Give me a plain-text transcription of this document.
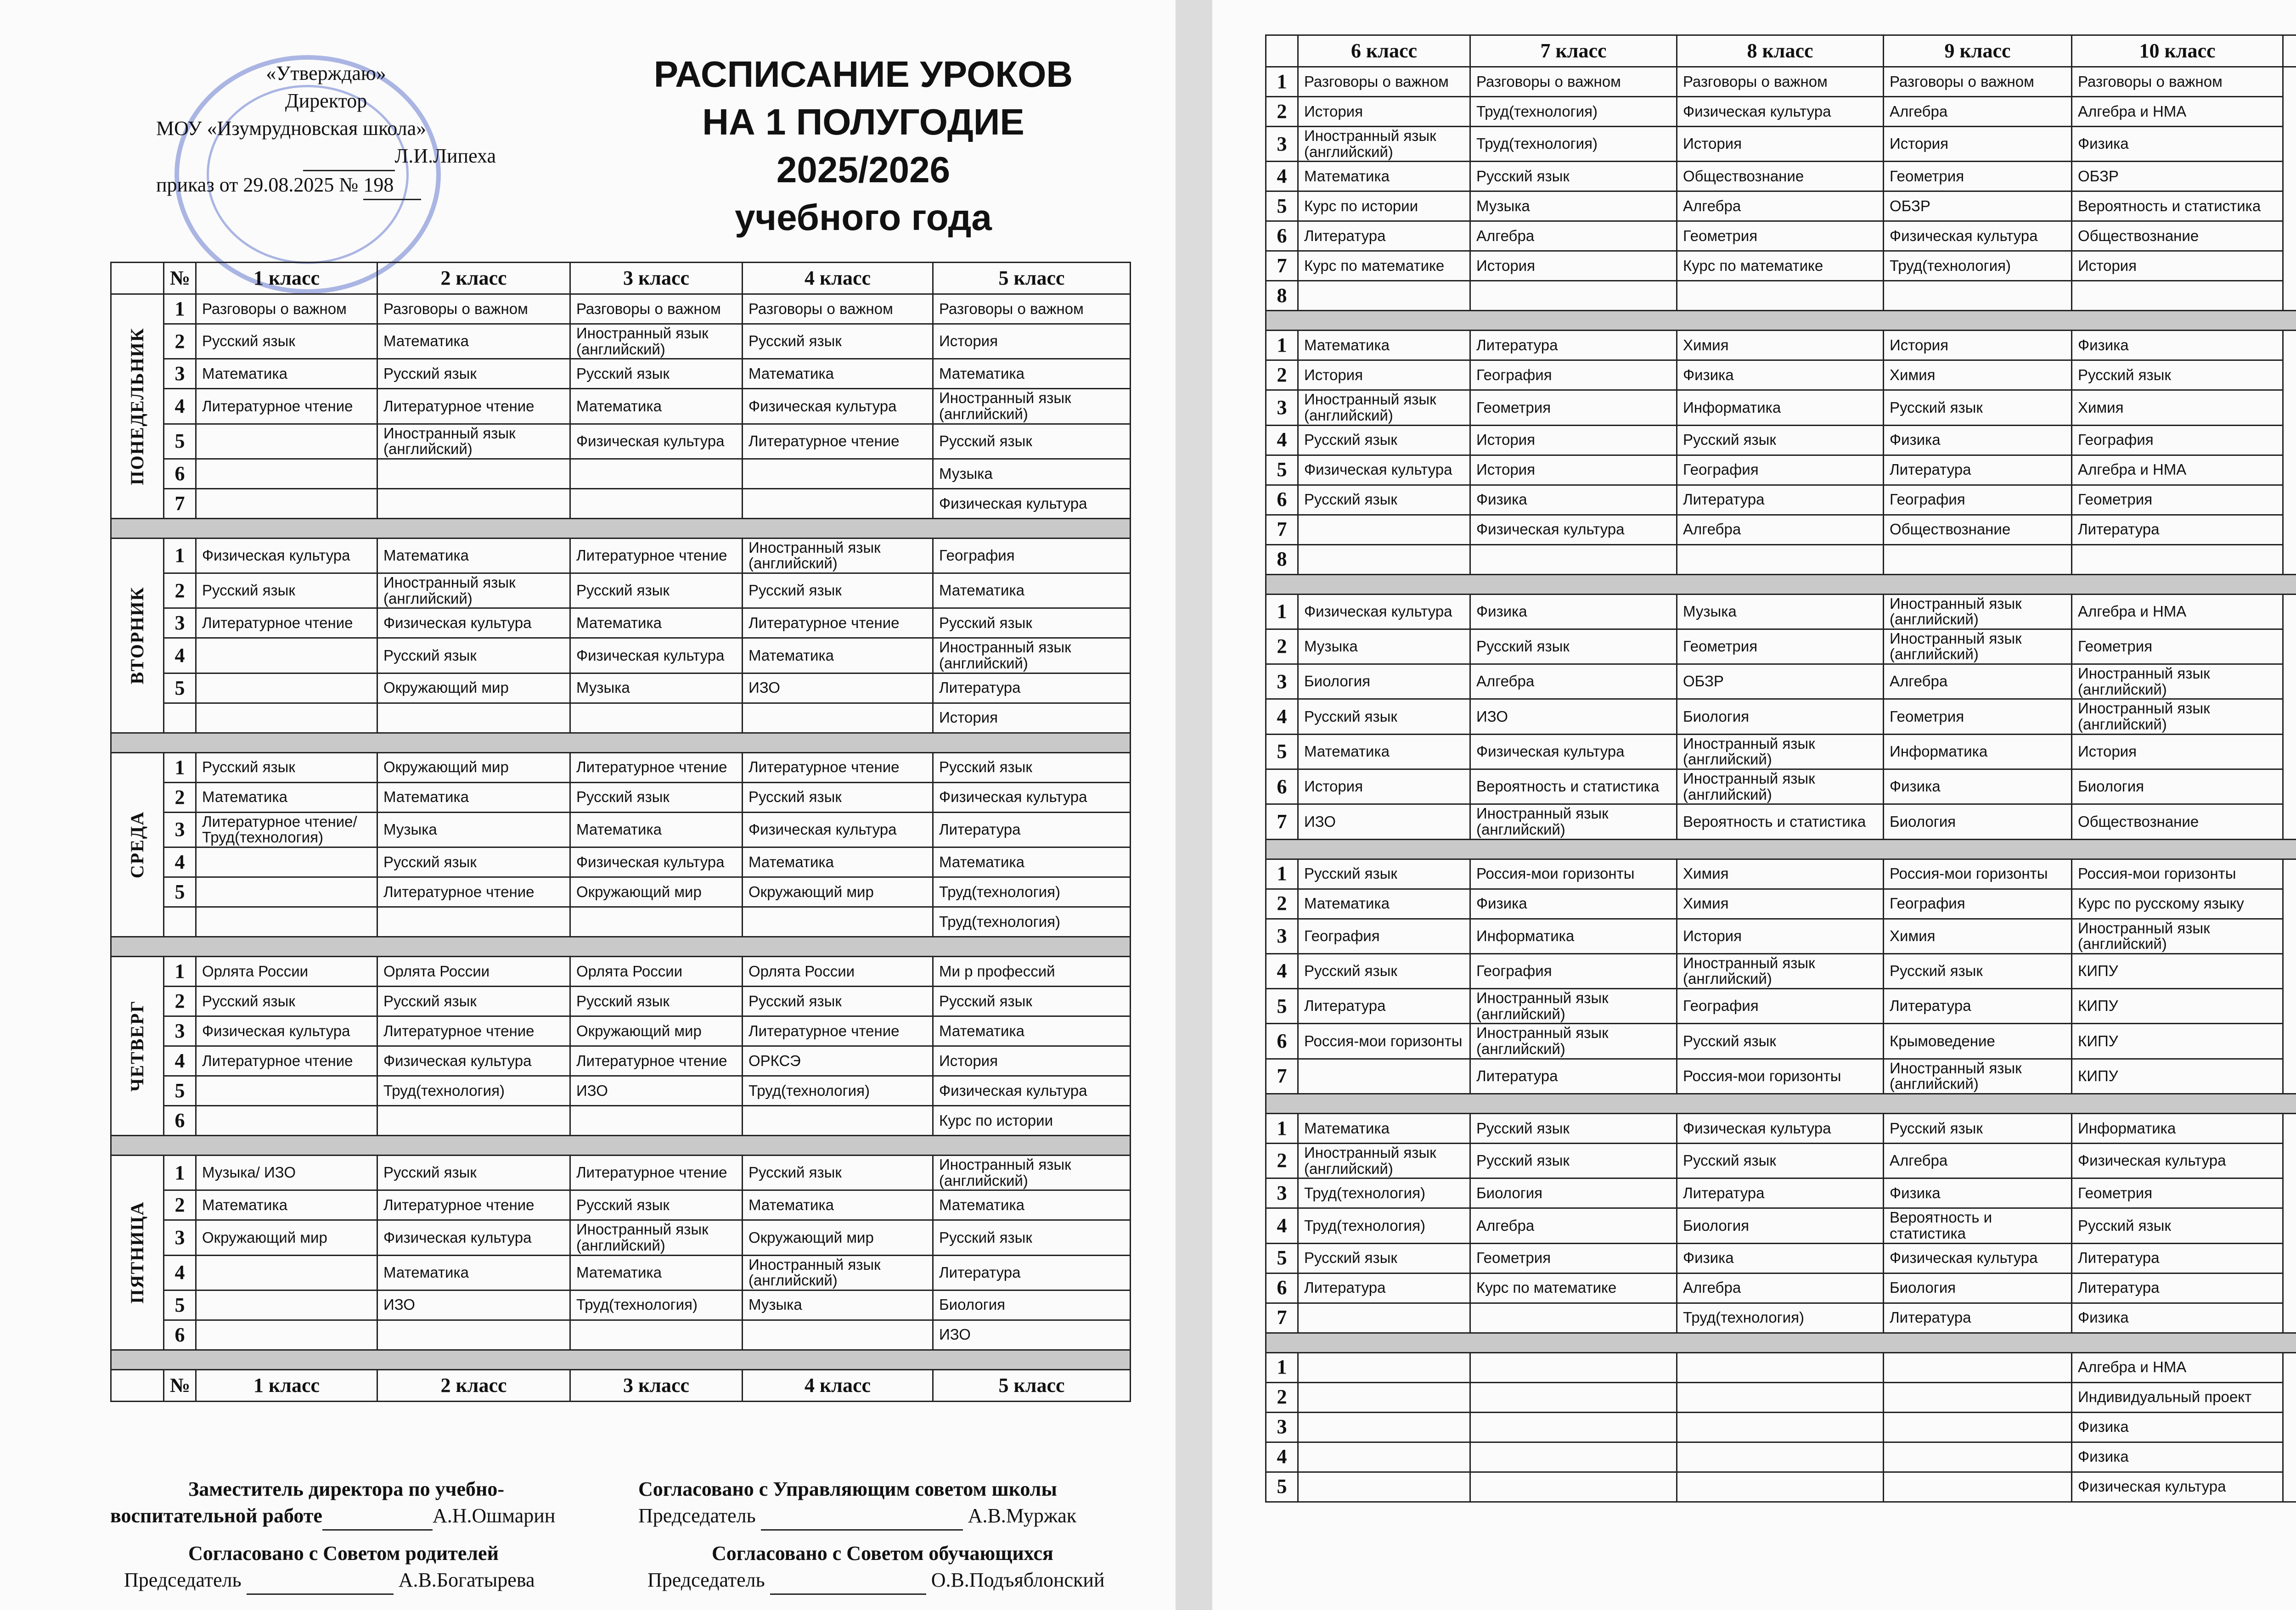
«Утверждаю»
Директор
МОУ «Изумрудновская школа»
Л.И.Липеха
приказ от 29.08.2025 № 198
РАСПИСАНИЕ УРОКОВ
НА 1 ПОЛУГОДИЕ
2025/2026
учебного года
	№	1 класс	2 класс	3 класс	4 класс	5 класс

ПОНЕДЕЛЬНИК	1	Разговоры о важном	Разговоры о важном	Разговоры о важном	Разговоры о важном	Разговоры о важном
	2	Русский язык	Математика	Иностранный язык (английский)	Русский язык	История
	3	Математика	Русский язык	Русский язык	Математика	Математика
	4	Литературное чтение	Литературное чтение	Математика	Физическая культура	Иностранный язык (английский)
	5		Иностранный язык (английский)	Физическая культура	Литературное чтение	Русский язык
	6					Музыка
	7					Физическая культура

ВТОРНИК	1	Физическая культура	Математика	Литературное чтение	Иностранный язык (английский)	География
	2	Русский язык	Иностранный язык (английский)	Русский язык	Русский язык	Математика
	3	Литературное чтение	Физическая культура	Математика	Литературное чтение	Русский язык
	4		Русский язык	Физическая культура	Математика	Иностранный язык (английский)
	5		Окружающий мир	Музыка	ИЗО	Литература
						История

СРЕДА	1	Русский язык	Окружающий мир	Литературное чтение	Литературное чтение	Русский язык
	2	Математика	Математика	Русский язык	Русский язык	Физическая культура
	3	Литературное чтение/ Труд(технология)	Музыка	Математика	Физическая культура	Литература
	4		Русский язык	Физическая культура	Математика	Математика
	5		Литературное чтение	Окружающий мир	Окружающий мир	Труд(технология)
						Труд(технология)

ЧЕТВЕРГ	1	Орлята России	Орлята России	Орлята России	Орлята России	Ми р профессий
	2	Русский язык	Русский язык	Русский язык	Русский язык	Русский язык
	3	Физическая культура	Литературное чтение	Окружающий мир	Литературное чтение	Математика
	4	Литературное чтение	Физическая культура	Литературное чтение	ОРКСЭ	История
	5		Труд(технология)	ИЗО	Труд(технология)	Физическая культура
	6					Курс по истории

ПЯТНИЦА	1	Музыка/ ИЗО	Русский язык	Литературное чтение	Русский язык	Иностранный язык (английский)
	2	Математика	Литературное чтение	Русский язык	Математика	Математика
	3	Окружающий мир	Физическая культура	Иностранный язык (английский)	Окружающий мир	Русский язык
	4		Математика	Математика	Иностранный язык (английский)	Литература
	5		ИЗО	Труд(технология)	Музыка	Биология
	6					ИЗО

	№	1 класс	2 класс	3 класс	4 класс	5 класс
Заместитель директора по учебно-
воспитательной работе	А.Н.Ошмарин
Согласовано с Управляющим советом школы
Председатель	А.В.Муржак
Согласовано с Советом родителей
Председатель	А.В.Богатырева
Согласовано с Советом обучающихся
Председатель	О.В.Подъяблонский
	6 класс	7 класс	8 класс	9 класс	10 класс	
1	Разговоры о важном	Разговоры о важном	Разговоры о важном	Разговоры о важном	Разговоры о важном	

2	История	Труд(технология)	Физическая культура	Алгебра	Алгебра и НМА	
3	Иностранный язык (английский)	Труд(технология)	История	История	Физика	
4	Математика	Русский язык	Обществознание	Геометрия	ОБЗР	
5	Курс по истории	Музыка	Алгебра	ОБЗР	Вероятность и статистика	
6	Литература	Алгебра	Геометрия	Физическая культура	Обществознание	
7	Курс по математике	История	Курс по математике	Труд(технология)	История	
8						

1	Математика	Литература	Химия	История	Физика	

2	История	География	Физика	Химия	Русский язык	
3	Иностранный язык (английский)	Геометрия	Информатика	Русский язык	Химия	
4	Русский язык	История	Русский язык	Физика	География	
5	Физическая культура	История	География	Литература	Алгебра и НМА	
6	Русский язык	Физика	Литература	География	Геометрия	
7		Физическая культура	Алгебра	Обществознание	Литература	
8						

1	Физическая культура	Физика	Музыка	Иностранный язык (английский)	Алгебра и НМА	

2	Музыка	Русский язык	Геометрия	Иностранный язык (английский)	Геометрия	
3	Биология	Алгебра	ОБЗР	Алгебра	Иностранный язык (английский)	
4	Русский язык	ИЗО	Биология	Геометрия	Иностранный язык (английский)	
5	Математика	Физическая культура	Иностранный язык (английский)	Информатика	История	
6	История	Вероятность и статистика	Иностранный язык (английский)	Физика	Биология	
7	ИЗО	Иностранный язык (английский)	Вероятность и статистика	Биология	Обществознание	

1	Русский язык	Россия-мои горизонты	Химия	Россия-мои горизонты	Россия-мои горизонты	

2	Математика	Физика	Химия	География	Курс по русскому языку	
3	География	Информатика	История	Химия	Иностранный язык (английский)	
4	Русский язык	География	Иностранный язык (английский)	Русский язык	КИПУ	
5	Литература	Иностранный язык (английский)	География	Литература	КИПУ	
6	Россия-мои горизонты	Иностранный язык (английский)	Русский язык	Крымоведение	КИПУ	
7		Литература	Россия-мои горизонты	Иностранный язык (английский)	КИПУ	

1	Математика	Русский язык	Физическая культура	Русский язык	Информатика	

2	Иностранный язык (английский)	Русский язык	Русский язык	Алгебра	Физическая культура	
3	Труд(технология)	Биология	Литература	Физика	Геометрия	
4	Труд(технология)	Алгебра	Биология	Вероятность и статистика	Русский язык	
5	Русский язык	Геометрия	Физика	Физическая культура	Литература	
6	Литература	Курс по математике	Алгебра	Биология	Литература	
7			Труд(технология)	Литература	Физика	

1					Алгебра и НМА	

2					Индивидуальный проект	
3					Физика	
4					Физика	
5					Физическая культура	
